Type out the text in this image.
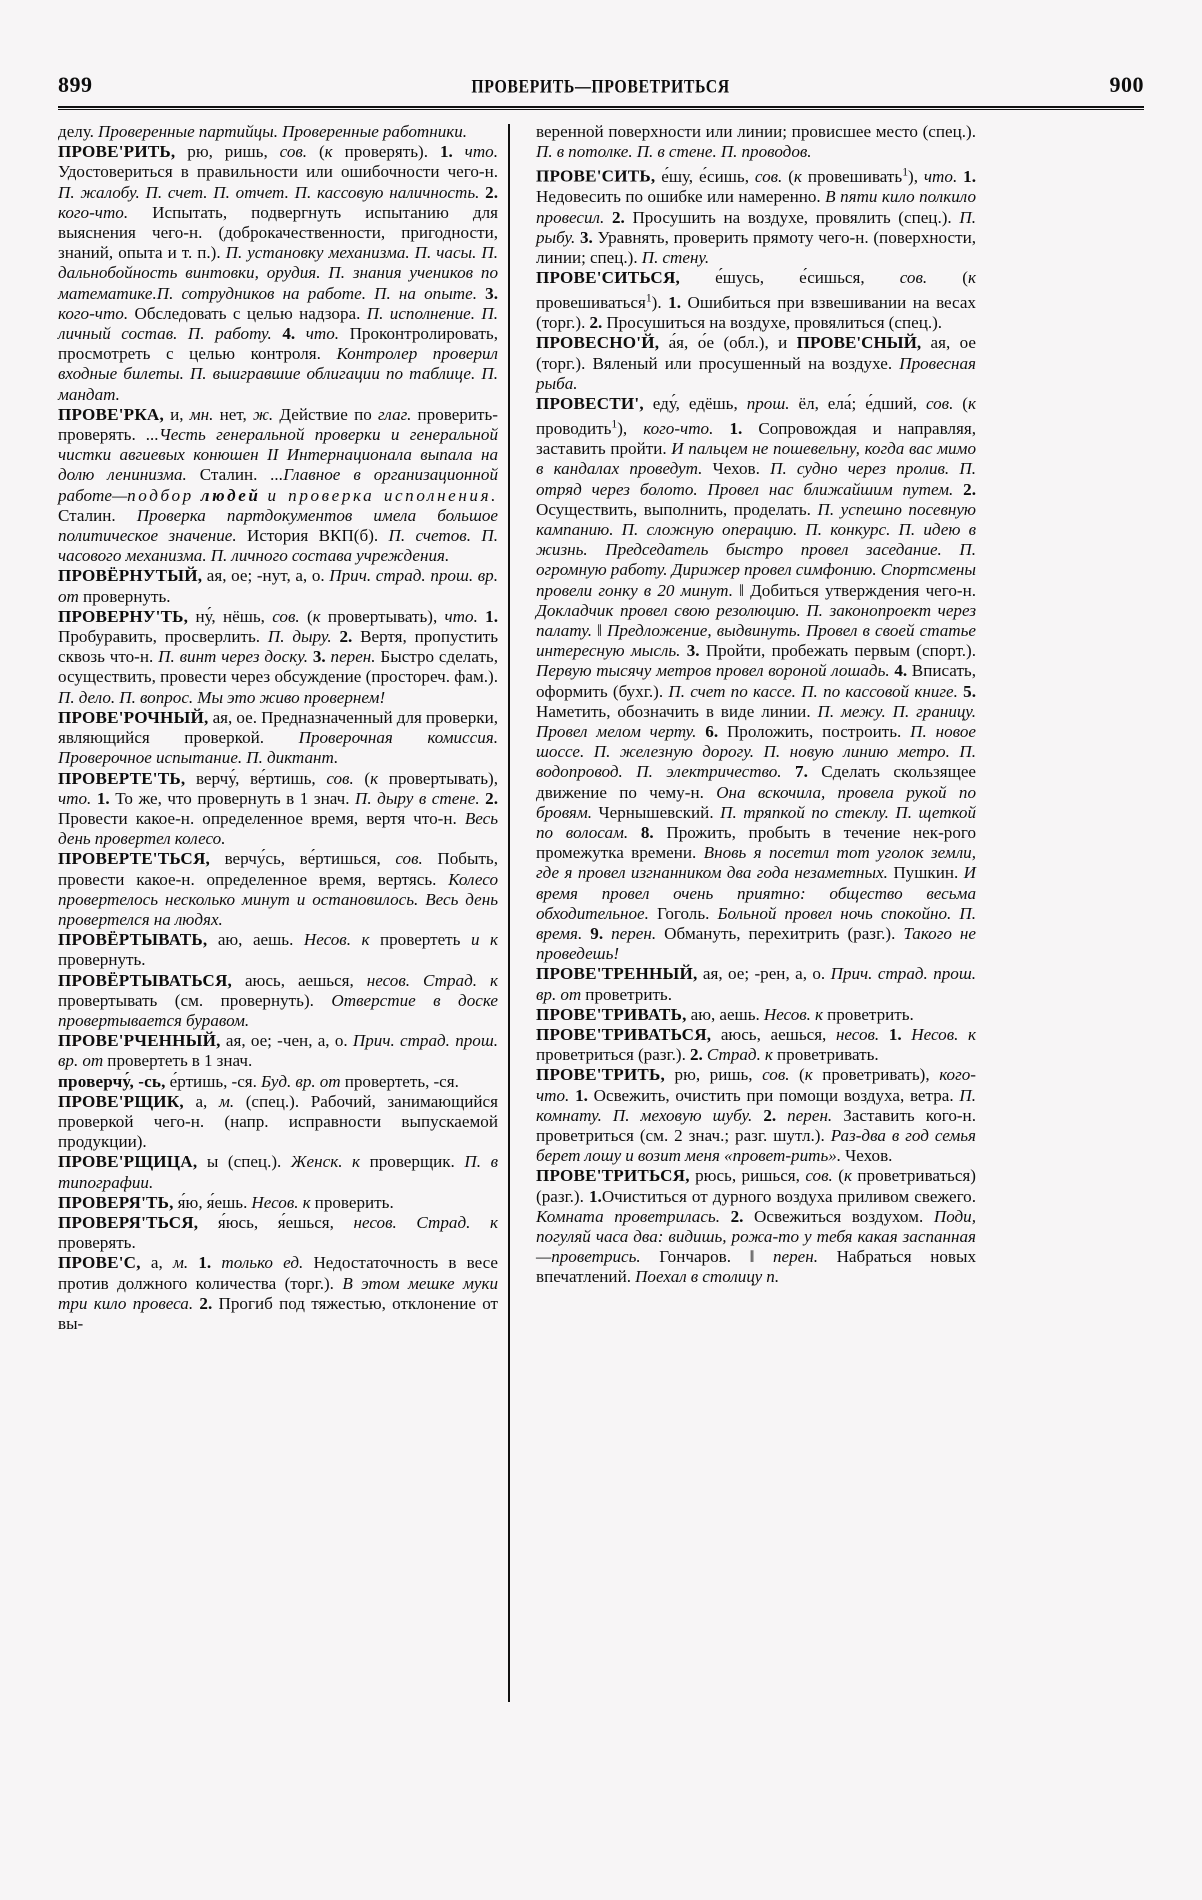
899	ПРОВЕРИТЬ—ПРОВЕТРИТЬСЯ	900

делу. Проверенные партийцы. Проверенные работники.

ПРОВЕ'РИТЬ, рю, ришь, сов. (к проверять). 1. что. Удостовериться в правильности или ошибочности чего-н. П. жалобу. П. счет. П. отчет. П. кассовую наличность. 2. кого-что. Испытать, подвергнуть испытанию для выяснения чего-н. (доброкачественности, пригодности, знаний, опыта и т. п.). П. установку механизма. П. часы. П. дальнобойность винтовки, орудия. П. знания учеников по математике.П. сотрудников на работе. П. на опыте. 3. кого-что. Обследовать с целью надзора. П. исполнение. П. личный состав. П. работу. 4. что. Проконтролировать, просмотреть с целью контроля. Контролер проверил входные билеты. П. выигравшие облигации по таблице. П. мандат.

ПРОВЕ'РКА, и, мн. нет, ж. Действие по глаг. проверить-проверять. ...Честь генеральной проверки и генеральной чистки авгиевых конюшен II Интернационала выпала на долю ленинизма. Сталин. ...Главное в организационной работе—подбор людей и проверка исполнения. Сталин. Проверка партдокументов имела большое политическое значение. История ВКП(б). П. счетов. П. часового механизма. П. личного состава учреждения.

ПРОВЁРНУТЫЙ, ая, ое; -нут, а, о. Прич. страд. прош. вр. от провернуть.

ПРОВЕРНУ'ТЬ, ну́, нёшь, сов. (к провертывать), что. 1. Пробуравить, просверлить. П. дыру. 2. Вертя, пропустить сквозь что-н. П. винт через доску. 3. перен. Быстро сделать, осуществить, провести через обсуждение (простореч. фам.). П. дело. П. вопрос. Мы это живо провернем!

ПРОВЕ'РОЧНЫЙ, ая, ое. Предназначенный для проверки, являющийся проверкой. Проверочная комиссия. Проверочное испытание. П. диктант.

ПРОВЕРТЕ'ТЬ, верчу́, ве́ртишь, сов. (к провертывать), что. 1. То же, что провернуть в 1 знач. П. дыру в стене. 2. Провести какое-н. определенное время, вертя что-н. Весь день провертел колесо.

ПРОВЕРТЕ'ТЬСЯ, верчу́сь, ве́ртишься, сов. Побыть, провести какое-н. определенное время, вертясь. Колесо провертелось несколько минут и остановилось. Весь день провертелся на людях.

ПРОВЁРТЫВАТЬ, аю, аешь. Несов. к провертеть и к провернуть.

ПРОВЁРТЫВАТЬСЯ, аюсь, аешься, несов. Страд. к провертывать (см. провернуть). Отверстие в доске провертывается буравом.

ПРОВЕ'РЧЕННЫЙ, ая, ое; -чен, а, о. Прич. страд. прош. вр. от провертеть в 1 знач.

проверчу́, -сь, е́ртишь, -ся. Буд. вр. от провертеть, -ся.

ПРОВЕ'РЩИК, а, м. (спец.). Рабочий, занимающийся проверкой чего-н. (напр. исправности выпускаемой продукции).

ПРОВЕ'РЩИЦА, ы (спец.). Женск. к проверщик. П. в типографии.

ПРОВЕРЯ'ТЬ, я́ю, я́ешь. Несов. к проверить.

ПРОВЕРЯ'ТЬСЯ, я́юсь, я́ешься, несов. Страд. к проверять.

ПРОВЕ'С, а, м. 1. только ед. Недостаточность в весе против должного количества (торг.). В этом мешке муки три кило провеса. 2. Прогиб под тяжестью, отклонение от вы-

веренной поверхности или линии; провисшее место (спец.). П. в потолке. П. в стене. П. проводов.

ПРОВЕ'СИТЬ, е́шу, е́сишь, сов. (к провешивать$^1$), что. 1. Недовесить по ошибке или намеренно. В пяти кило полкило провесил. 2. Просушить на воздухе, провялить (спец.). П. рыбу. 3. Уравнять, проверить прямоту чего-н. (поверхности, линии; спец.). П. стену.

ПРОВЕ'СИТЬСЯ, е́шусь, е́сишься, сов. (к провешиваться$^1$). 1. Ошибиться при взвешивании на весах (торг.). 2. Просушиться на воздухе, провялиться (спец.).

ПРОВЕСНО'Й, а́я, о́е (обл.), и ПРОВЕ'СНЫЙ, ая, ое (торг.). Вяленый или просушенный на воздухе. Провесная рыба.

ПРОВЕСТИ', еду́, едёшь, прош. ёл, ела́; е́дший, сов. (к проводить$^1$), кого-что. 1. Сопровождая и направляя, заставить пройти. И пальцем не пошевельну, когда вас мимо в кандалах проведут. Чехов. П. судно через пролив. П. отряд через болото. Провел нас ближайшим путем. 2. Осуществить, выполнить, проделать. П. успешно посевную кампанию. П. сложную операцию. П. конкурс. П. идею в жизнь. Председатель быстро провел заседание. П. огромную работу. Дирижер провел симфонию. Спортсмены провели гонку в 20 минут. ‖ Добиться утверждения чего-н. Докладчик провел свою резолюцию. П. законопроект через палату. ‖ Предложение, выдвинуть. Провел в своей статье интересную мысль. 3. Пройти, пробежать первым (спорт.). Первую тысячу метров провел вороной лошадь. 4. Вписать, оформить (бухг.). П. счет по кассе. П. по кассовой книге. 5. Наметить, обозначить в виде линии. П. межу. П. границу. Провел мелом черту. 6. Проложить, построить. П. новое шоссе. П. железную дорогу. П. новую линию метро. П. водопровод. П. электричество. 7. Сделать скользящее движение по чему-н. Она вскочила, провела рукой по бровям. Чернышевский. П. тряпкой по стеклу. П. щеткой по волосам. 8. Прожить, пробыть в течение нек-рого промежутка времени. Вновь я посетил тот уголок земли, где я провел изгнанником два года незаметных. Пушкин. И время провел очень приятно: общество весьма обходительное. Гоголь. Больной провел ночь спокойно. П. время. 9. перен. Обмануть, перехитрить (разг.). Такого не проведешь!

ПРОВЕ'ТРЕННЫЙ, ая, ое; -рен, а, о. Прич. страд. прош. вр. от проветрить.

ПРОВЕ'ТРИВАТЬ, аю, аешь. Несов. к проветрить.

ПРОВЕ'ТРИВАТЬСЯ, аюсь, аешься, несов. 1. Несов. к проветриться (разг.). 2. Страд. к проветривать.

ПРОВЕ'ТРИТЬ, рю, ришь, сов. (к проветривать), кого-что. 1. Освежить, очистить при помощи воздуха, ветра. П. комнату. П. меховую шубу. 2. перен. Заставить кого-н. проветриться (см. 2 знач.; разг. шутл.). Раз-два в год семья берет лошу и возит меня «провет-рить». Чехов.

ПРОВЕ'ТРИТЬСЯ, рюсь, ришься, сов. (к проветриваться) (разг.). 1.Очиститься от дурного воздуха приливом свежего. Комната проветрилась. 2. Освежиться воздухом. Поди, погуляй часа два: видишь, рожа-то у тебя какая заспанная—проветрись. Гончаров. ‖ перен. Набраться новых впечатлений. Поехал в столицу п.
